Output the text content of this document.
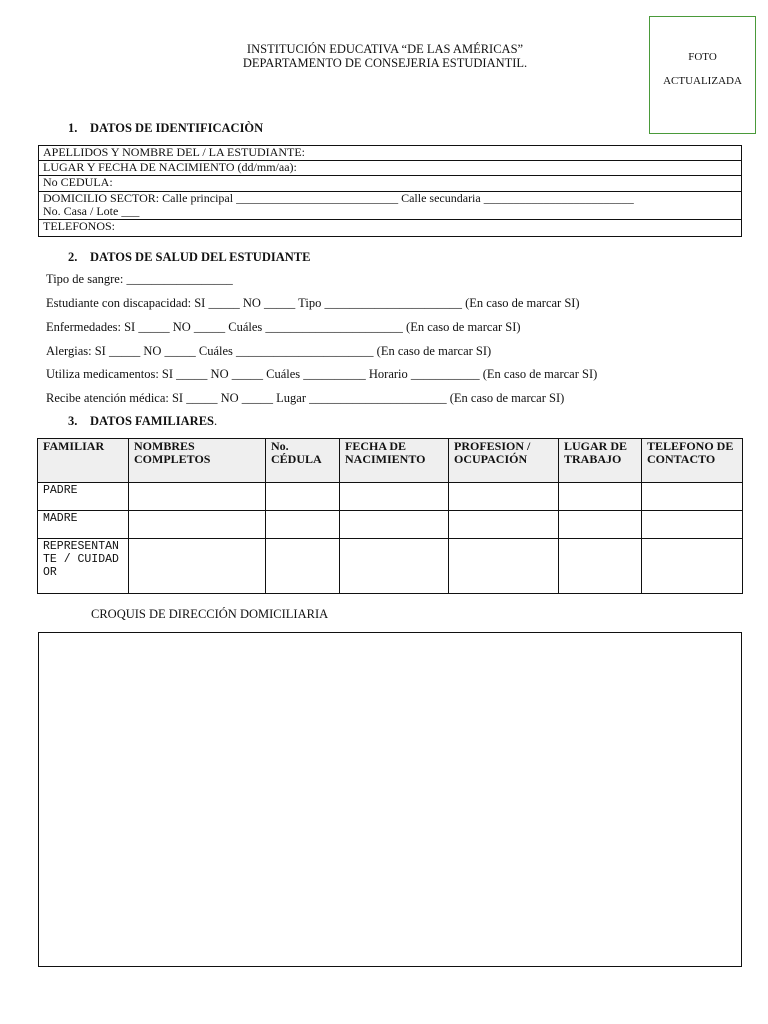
INSTITUCIÓN EDUCATIVA “DE LAS AMÉRICAS”
DEPARTAMENTO DE CONSEJERIA ESTUDIANTIL.	FOTO
ACTUALIZADA
1. DATOS DE IDENTIFICACIÒN
APELLIDOS Y NOMBRE DEL / LA ESTUDIANTE:
LUGAR Y FECHA DE NACIMIENTO (dd/mm/aa):
No CEDULA:
DOMICILIO SECTOR: Calle principal ___________________________ Calle secundaria _________________________
No. Casa / Lote ___
TELEFONOS:
2. DATOS DE SALUD DEL ESTUDIANTE
Tipo de sangre: _________________
Estudiante con discapacidad: SI _____ NO _____ Tipo ______________________ (En caso de marcar SI)
Enfermedades: SI _____ NO _____ Cuáles ______________________ (En caso de marcar SI)
Alergias: SI _____ NO _____ Cuáles ______________________ (En caso de marcar SI)
Utiliza medicamentos: SI _____ NO _____ Cuáles __________ Horario ___________ (En caso de marcar SI)
Recibe atención médica: SI _____ NO _____ Lugar ______________________ (En caso de marcar SI)
3. DATOS FAMILIARES.
FAMILIAR	NOMBRES COMPLETOS	No. CÉDULA	FECHA DE NACIMIENTO	PROFESION / OCUPACIÓN	LUGAR DE TRABAJO	TELEFONO DE CONTACTO
PADRE						
MADRE						
REPRESENTANTE / CUIDADOR						
CROQUIS DE DIRECCIÓN DOMICILIARIA
